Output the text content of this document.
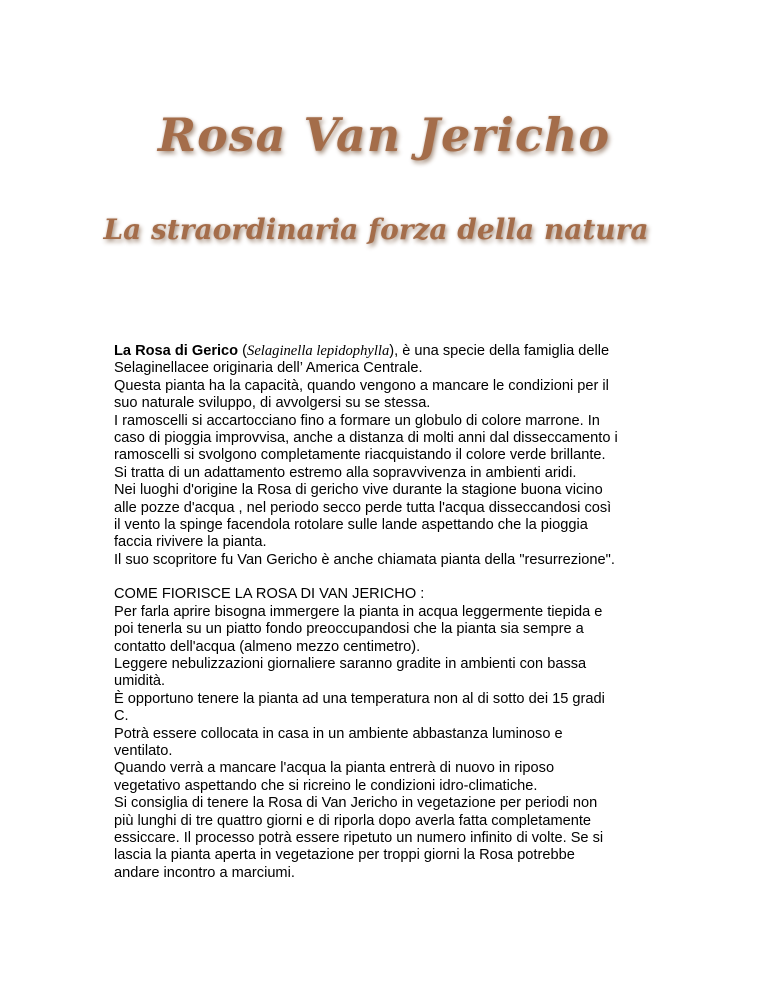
Rosa Van Jericho
La straordinaria forza della natura

La Rosa di Gerico (Selaginella lepidophylla), è una specie della famiglia delle

Selaginellacee originaria dell’ America Centrale.

Questa pianta ha la capacità, quando vengono a mancare le condizioni per il

suo naturale sviluppo, di avvolgersi su se stessa.

I ramoscelli si accartocciano fino a formare un globulo di colore marrone. In

caso di pioggia improvvisa, anche a distanza di molti anni dal disseccamento i

ramoscelli si svolgono completamente riacquistando il colore verde brillante.

Si tratta di un adattamento estremo alla sopravvivenza in ambienti aridi.

Nei luoghi d'origine la Rosa di gericho vive durante la stagione buona vicino

alle pozze d'acqua , nel periodo secco perde tutta l'acqua disseccandosi così

il vento la spinge facendola rotolare sulle lande aspettando che la pioggia

faccia rivivere la pianta.

Il suo scopritore fu Van Gericho è anche chiamata pianta della "resurrezione".

COME FIORISCE LA ROSA DI VAN JERICHO :

Per farla aprire bisogna immergere la pianta in acqua leggermente tiepida e

poi tenerla su un piatto fondo preoccupandosi che la pianta sia sempre a

contatto dell'acqua (almeno mezzo centimetro).

Leggere nebulizzazioni giornaliere saranno gradite in ambienti con bassa

umidità.

È opportuno tenere la pianta ad una temperatura non al di sotto dei 15 gradi

C.

Potrà essere collocata in casa in un ambiente abbastanza luminoso e

ventilato.

Quando verrà a mancare l'acqua la pianta entrerà di nuovo in riposo

vegetativo aspettando che si ricreino le condizioni idro-climatiche.

Si consiglia di tenere la Rosa di Van Jericho in vegetazione per periodi non

più lunghi di tre quattro giorni e di riporla dopo averla fatta completamente

essiccare. Il processo potrà essere ripetuto un numero infinito di volte. Se si

lascia la pianta aperta in vegetazione per troppi giorni la Rosa potrebbe

andare incontro a marciumi.
